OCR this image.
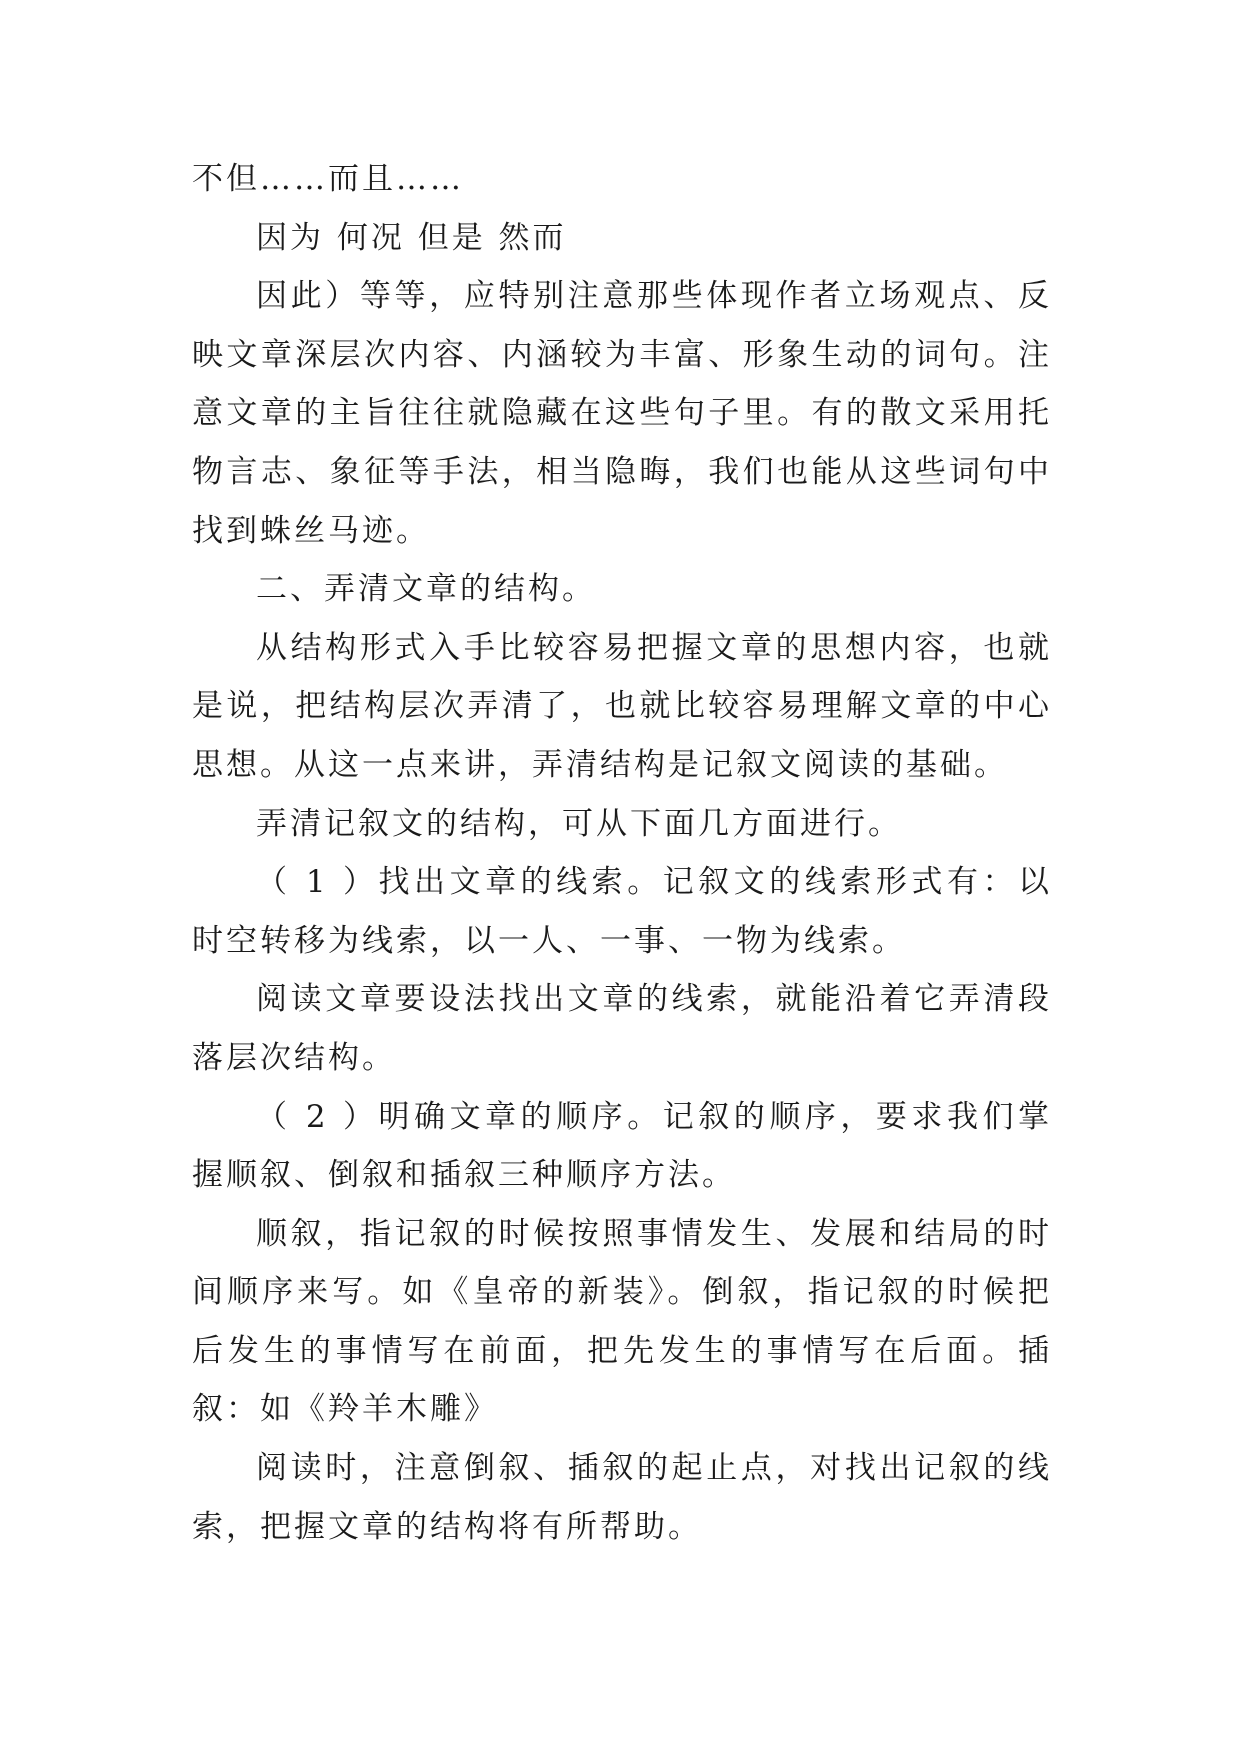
不但……而且……

因为 何况 但是 然而

因此）等等，应特别注意那些体现作者立场观点、反映文章深层次内容、内涵较为丰富、形象生动的词句。注意文章的主旨往往就隐藏在这些句子里。有的散文采用托物言志、象征等手法，相当隐晦，我们也能从这些词句中找到蛛丝马迹。

二、弄清文章的结构。

从结构形式入手比较容易把握文章的思想内容，也就是说，把结构层次弄清了，也就比较容易理解文章的中心思想。从这一点来讲，弄清结构是记叙文阅读的基础。

弄清记叙文的结构，可从下面几方面进行。

（ 1 ）找出文章的线索。记叙文的线索形式有：以时空转移为线索，以一人、一事、一物为线索。

阅读文章要设法找出文章的线索，就能沿着它弄清段落层次结构。

（ 2 ）明确文章的顺序。记叙的顺序，要求我们掌握顺叙、倒叙和插叙三种顺序方法。

顺叙，指记叙的时候按照事情发生、发展和结局的时间顺序来写。如《皇帝的新装》。倒叙，指记叙的时候把后发生的事情写在前面，把先发生的事情写在后面。插叙：如《羚羊木雕》

阅读时，注意倒叙、插叙的起止点，对找出记叙的线索，把握文章的结构将有所帮助。
